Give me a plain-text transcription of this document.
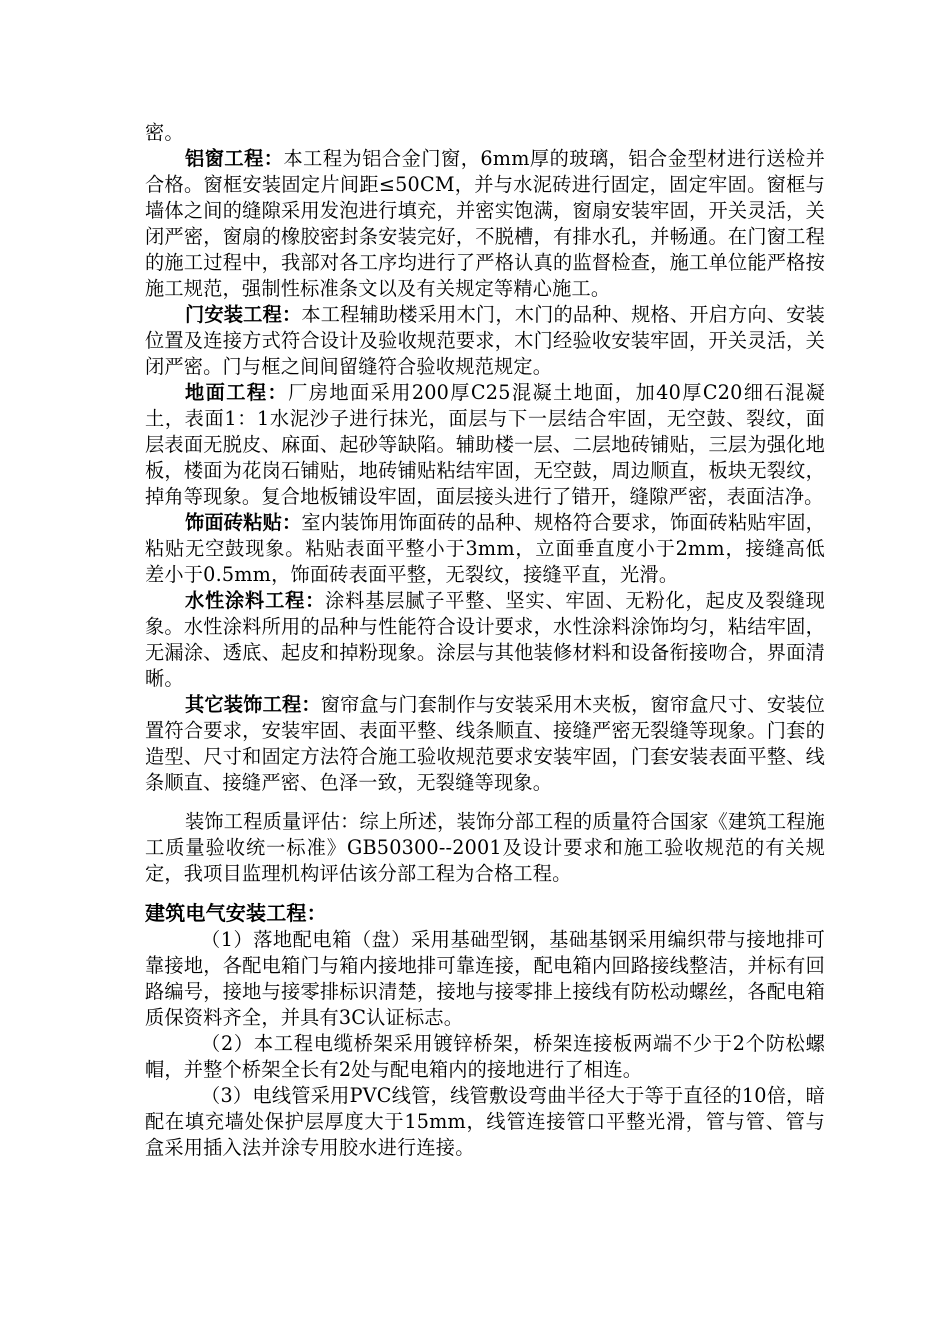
密。

铝窗工程：本工程为铝合金门窗，6mm厚的玻璃，铝合金型材进行送检并合格。窗框安装固定片间距≤50CM，并与水泥砖进行固定，固定牢固。窗框与墙体之间的缝隙采用发泡进行填充，并密实饱满，窗扇安装牢固，开关灵活，关闭严密，窗扇的橡胶密封条安装完好，不脱槽，有排水孔，并畅通。在门窗工程的施工过程中，我部对各工序均进行了严格认真的监督检查，施工单位能严格按施工规范，强制性标准条文以及有关规定等精心施工。

门安装工程：本工程辅助楼采用木门，木门的品种、规格、开启方向、安装位置及连接方式符合设计及验收规范要求，木门经验收安装牢固，开关灵活，关闭严密。门与框之间间留缝符合验收规范规定。

地面工程：厂房地面采用200厚C25混凝土地面，加40厚C20细石混凝土，表面1：1水泥沙子进行抹光，面层与下一层结合牢固，无空鼓、裂纹，面层表面无脱皮、麻面、起砂等缺陷。辅助楼一层、二层地砖铺贴，三层为强化地板，楼面为花岗石铺贴，地砖铺贴粘结牢固，无空鼓，周边顺直，板块无裂纹，掉角等现象。复合地板铺设牢固，面层接头进行了错开，缝隙严密，表面洁净。

饰面砖粘贴：室内装饰用饰面砖的品种、规格符合要求，饰面砖粘贴牢固，粘贴无空鼓现象。粘贴表面平整小于3mm，立面垂直度小于2mm，接缝高低差小于0.5mm，饰面砖表面平整，无裂纹，接缝平直，光滑。

水性涂料工程：涂料基层腻子平整、坚实、牢固、无粉化，起皮及裂缝现象。水性涂料所用的品种与性能符合设计要求，水性涂料涂饰均匀，粘结牢固，无漏涂、透底、起皮和掉粉现象。涂层与其他装修材料和设备衔接吻合，界面清晰。

其它装饰工程：窗帘盒与门套制作与安装采用木夹板，窗帘盒尺寸、安装位置符合要求，安装牢固、表面平整、线条顺直、接缝严密无裂缝等现象。门套的造型、尺寸和固定方法符合施工验收规范要求安装牢固，门套安装表面平整、线条顺直、接缝严密、色泽一致，无裂缝等现象。

装饰工程质量评估：综上所述，装饰分部工程的质量符合国家《建筑工程施工质量验收统一标准》GB50300--2001及设计要求和施工验收规范的有关规定，我项目监理机构评估该分部工程为合格工程。

建筑电气安装工程：

（1）落地配电箱（盘）采用基础型钢，基础基钢采用编织带与接地排可靠接地，各配电箱门与箱内接地排可靠连接，配电箱内回路接线整洁，并标有回路编号，接地与接零排标识清楚，接地与接零排上接线有防松动螺丝，各配电箱质保资料齐全，并具有3C认证标志。

（2）本工程电缆桥架采用镀锌桥架，桥架连接板两端不少于2个防松螺帽，并整个桥架全长有2处与配电箱内的接地进行了相连。

（3）电线管采用PVC线管，线管敷设弯曲半径大于等于直径的10倍，暗配在填充墙处保护层厚度大于15mm，线管连接管口平整光滑，管与管、管与盒采用插入法并涂专用胶水进行连接。
